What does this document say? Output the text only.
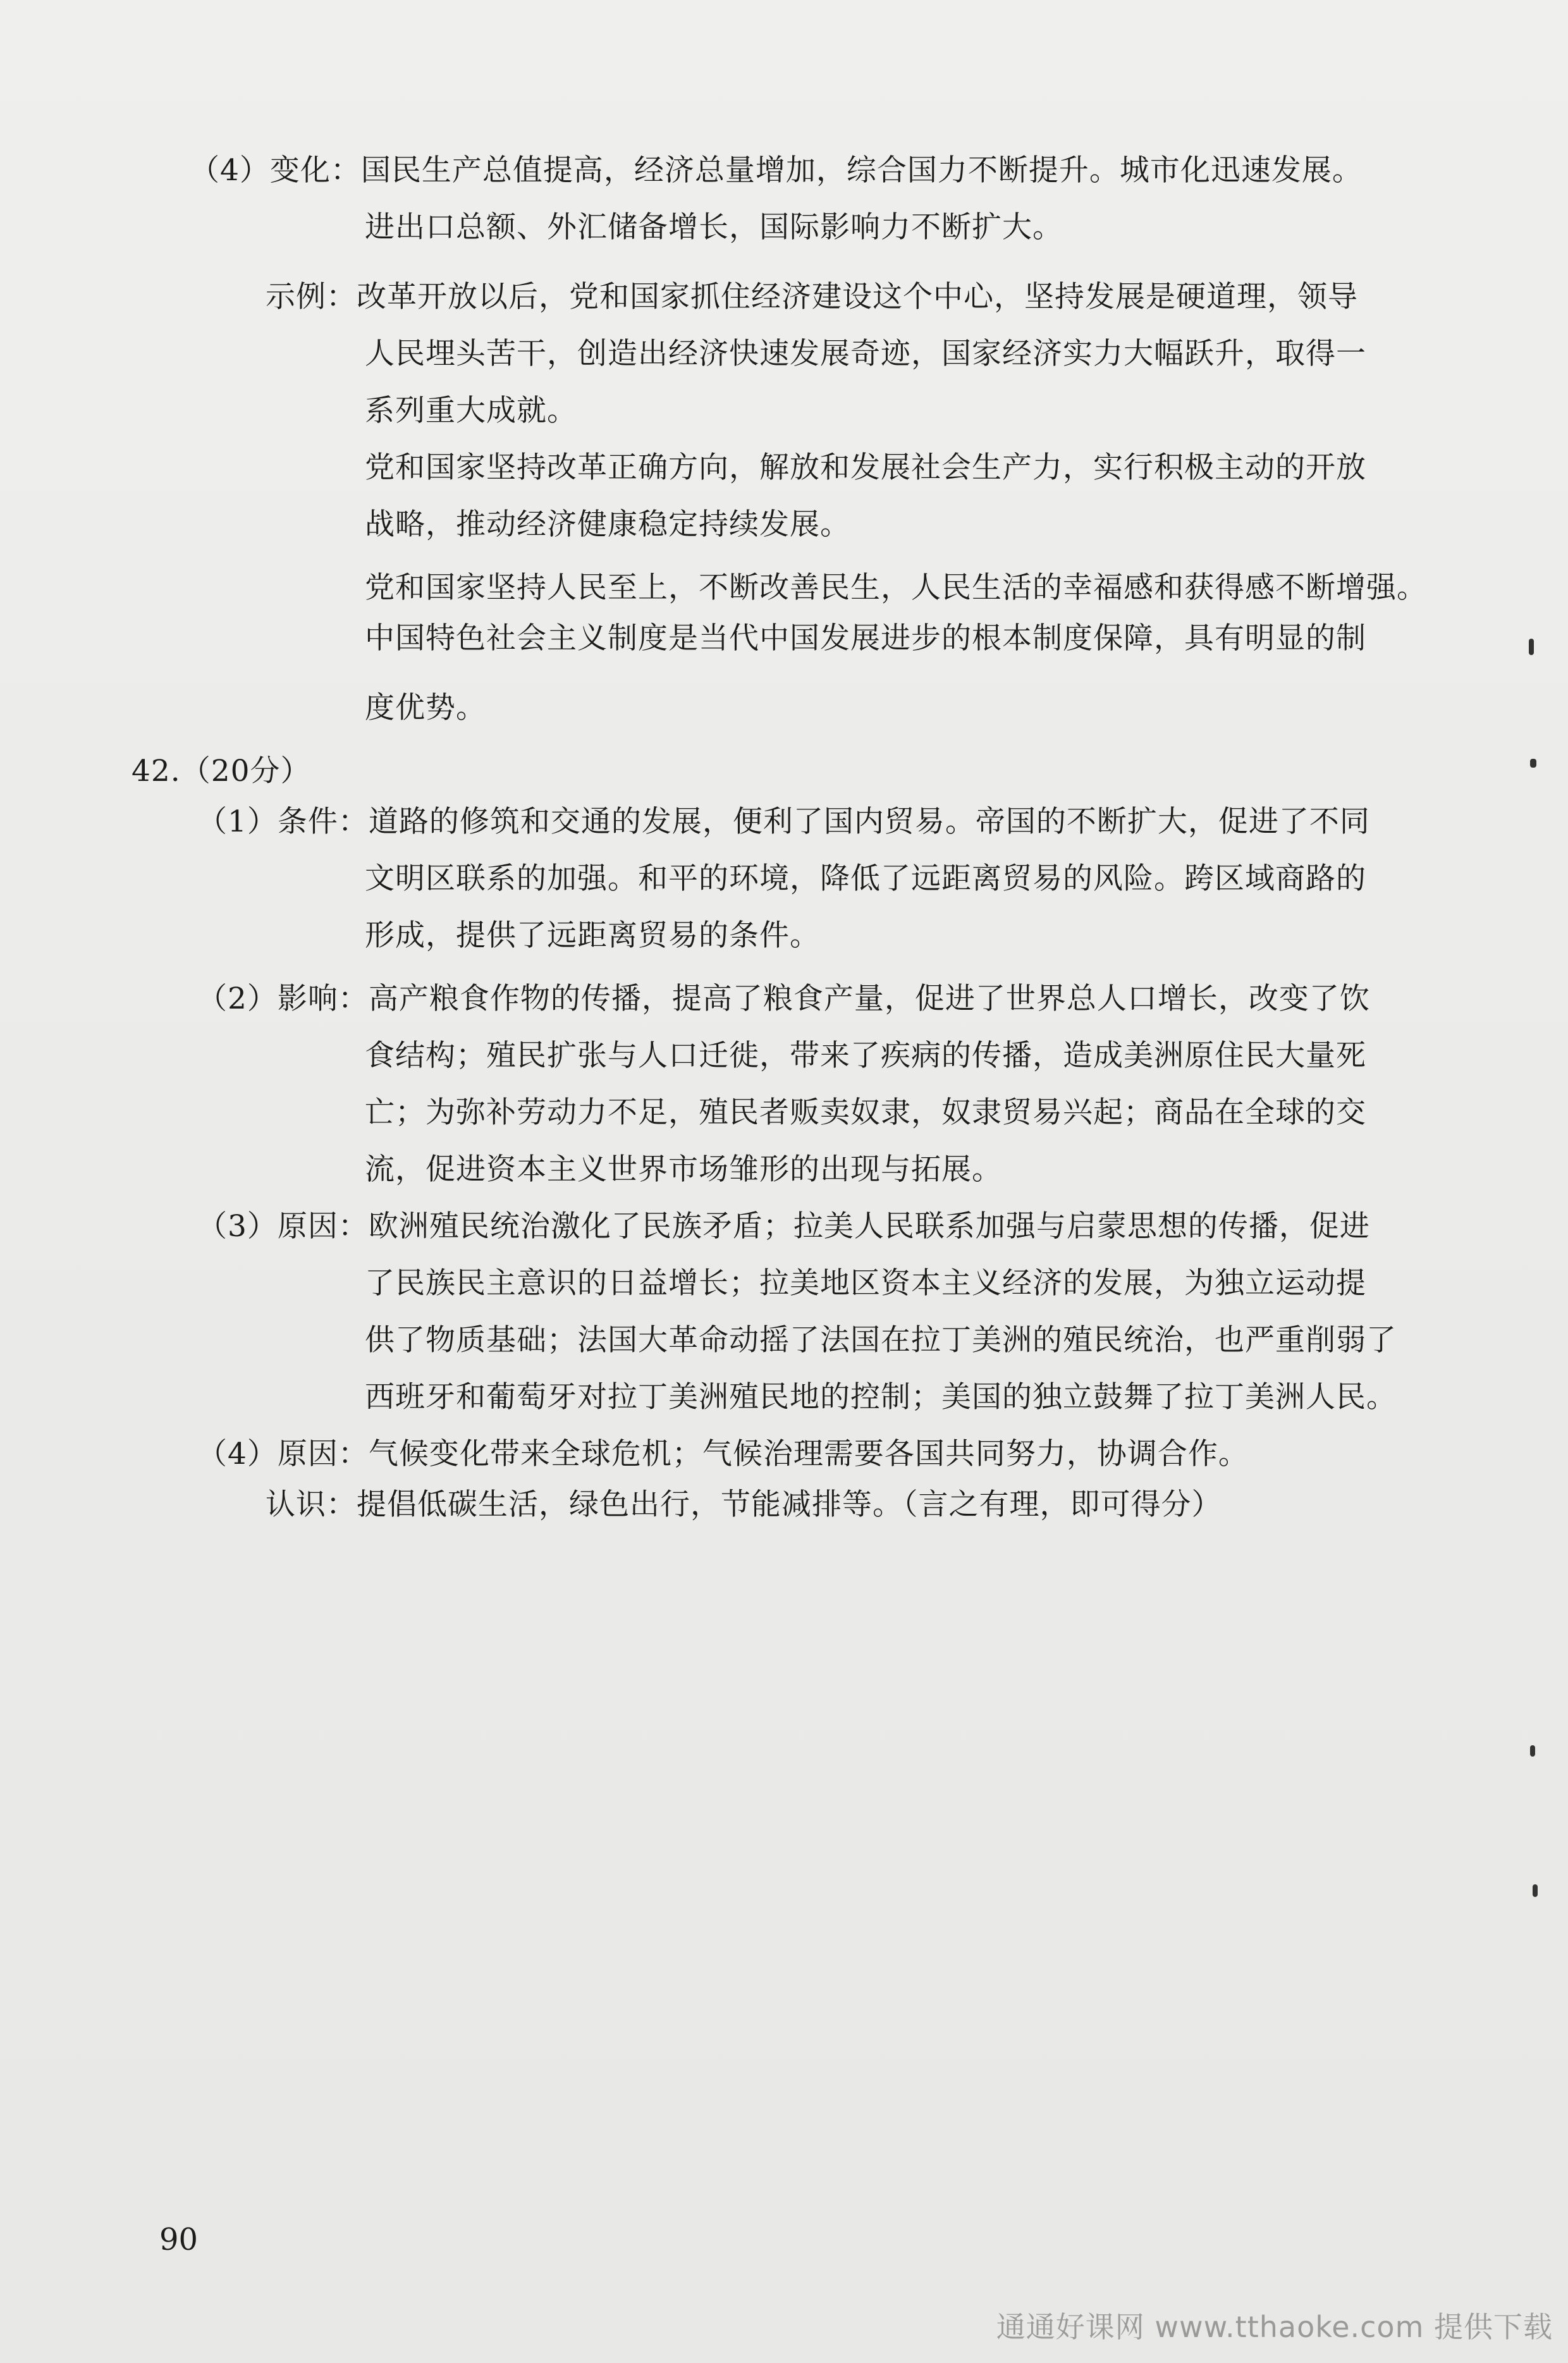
（4）变化：国民生产总值提高，经济总量增加，综合国力不断提升。城市化迅速发展。
进出口总额、外汇储备增长，国际影响力不断扩大。
示例：改革开放以后，党和国家抓住经济建设这个中心，坚持发展是硬道理，领导
人民埋头苦干，创造出经济快速发展奇迹，国家经济实力大幅跃升，取得一
系列重大成就。
党和国家坚持改革正确方向，解放和发展社会生产力，实行积极主动的开放
战略，推动经济健康稳定持续发展。
党和国家坚持人民至上，不断改善民生，人民生活的幸福感和获得感不断增强。
中国特色社会主义制度是当代中国发展进步的根本制度保障，具有明显的制
度优势。
42.（20分）
（1）条件：道路的修筑和交通的发展，便利了国内贸易。帝国的不断扩大，促进了不同
文明区联系的加强。和平的环境，降低了远距离贸易的风险。跨区域商路的
形成，提供了远距离贸易的条件。
（2）影响：高产粮食作物的传播，提高了粮食产量，促进了世界总人口增长，改变了饮
食结构；殖民扩张与人口迁徙，带来了疾病的传播，造成美洲原住民大量死
亡；为弥补劳动力不足，殖民者贩卖奴隶，奴隶贸易兴起；商品在全球的交
流，促进资本主义世界市场雏形的出现与拓展。
（3）原因：欧洲殖民统治激化了民族矛盾；拉美人民联系加强与启蒙思想的传播，促进
了民族民主意识的日益增长；拉美地区资本主义经济的发展，为独立运动提
供了物质基础；法国大革命动摇了法国在拉丁美洲的殖民统治，也严重削弱了
西班牙和葡萄牙对拉丁美洲殖民地的控制；美国的独立鼓舞了拉丁美洲人民。
（4）原因：气候变化带来全球危机；气候治理需要各国共同努力，协调合作。
认识：提倡低碳生活，绿色出行，节能减排等。（言之有理，即可得分）
90
通通好课网 www.tthaoke.com 提供下载
